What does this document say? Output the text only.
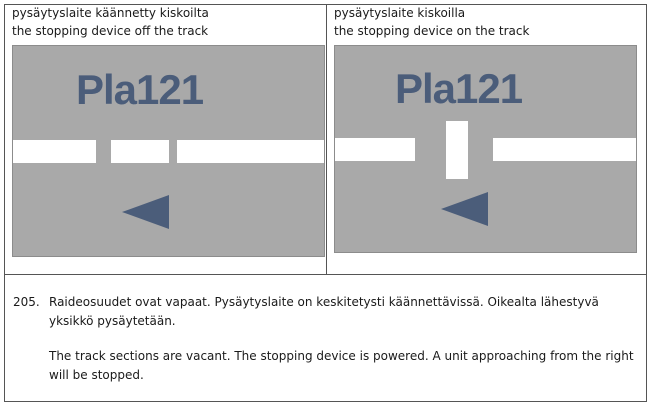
pysäytyslaite käännetty kiskoilta
the stopping device off the track
pysäytyslaite kiskoilla
the stopping device on the track
Pla121	Pla121
205. Raideosuudet ovat vapaat. Pysäytyslaite on keskitetysti käännettävissä. Oikealta lähestyvä yksikkö pysäytetään.
The track sections are vacant. The stopping device is powered. A unit approaching from the right will be stopped.
